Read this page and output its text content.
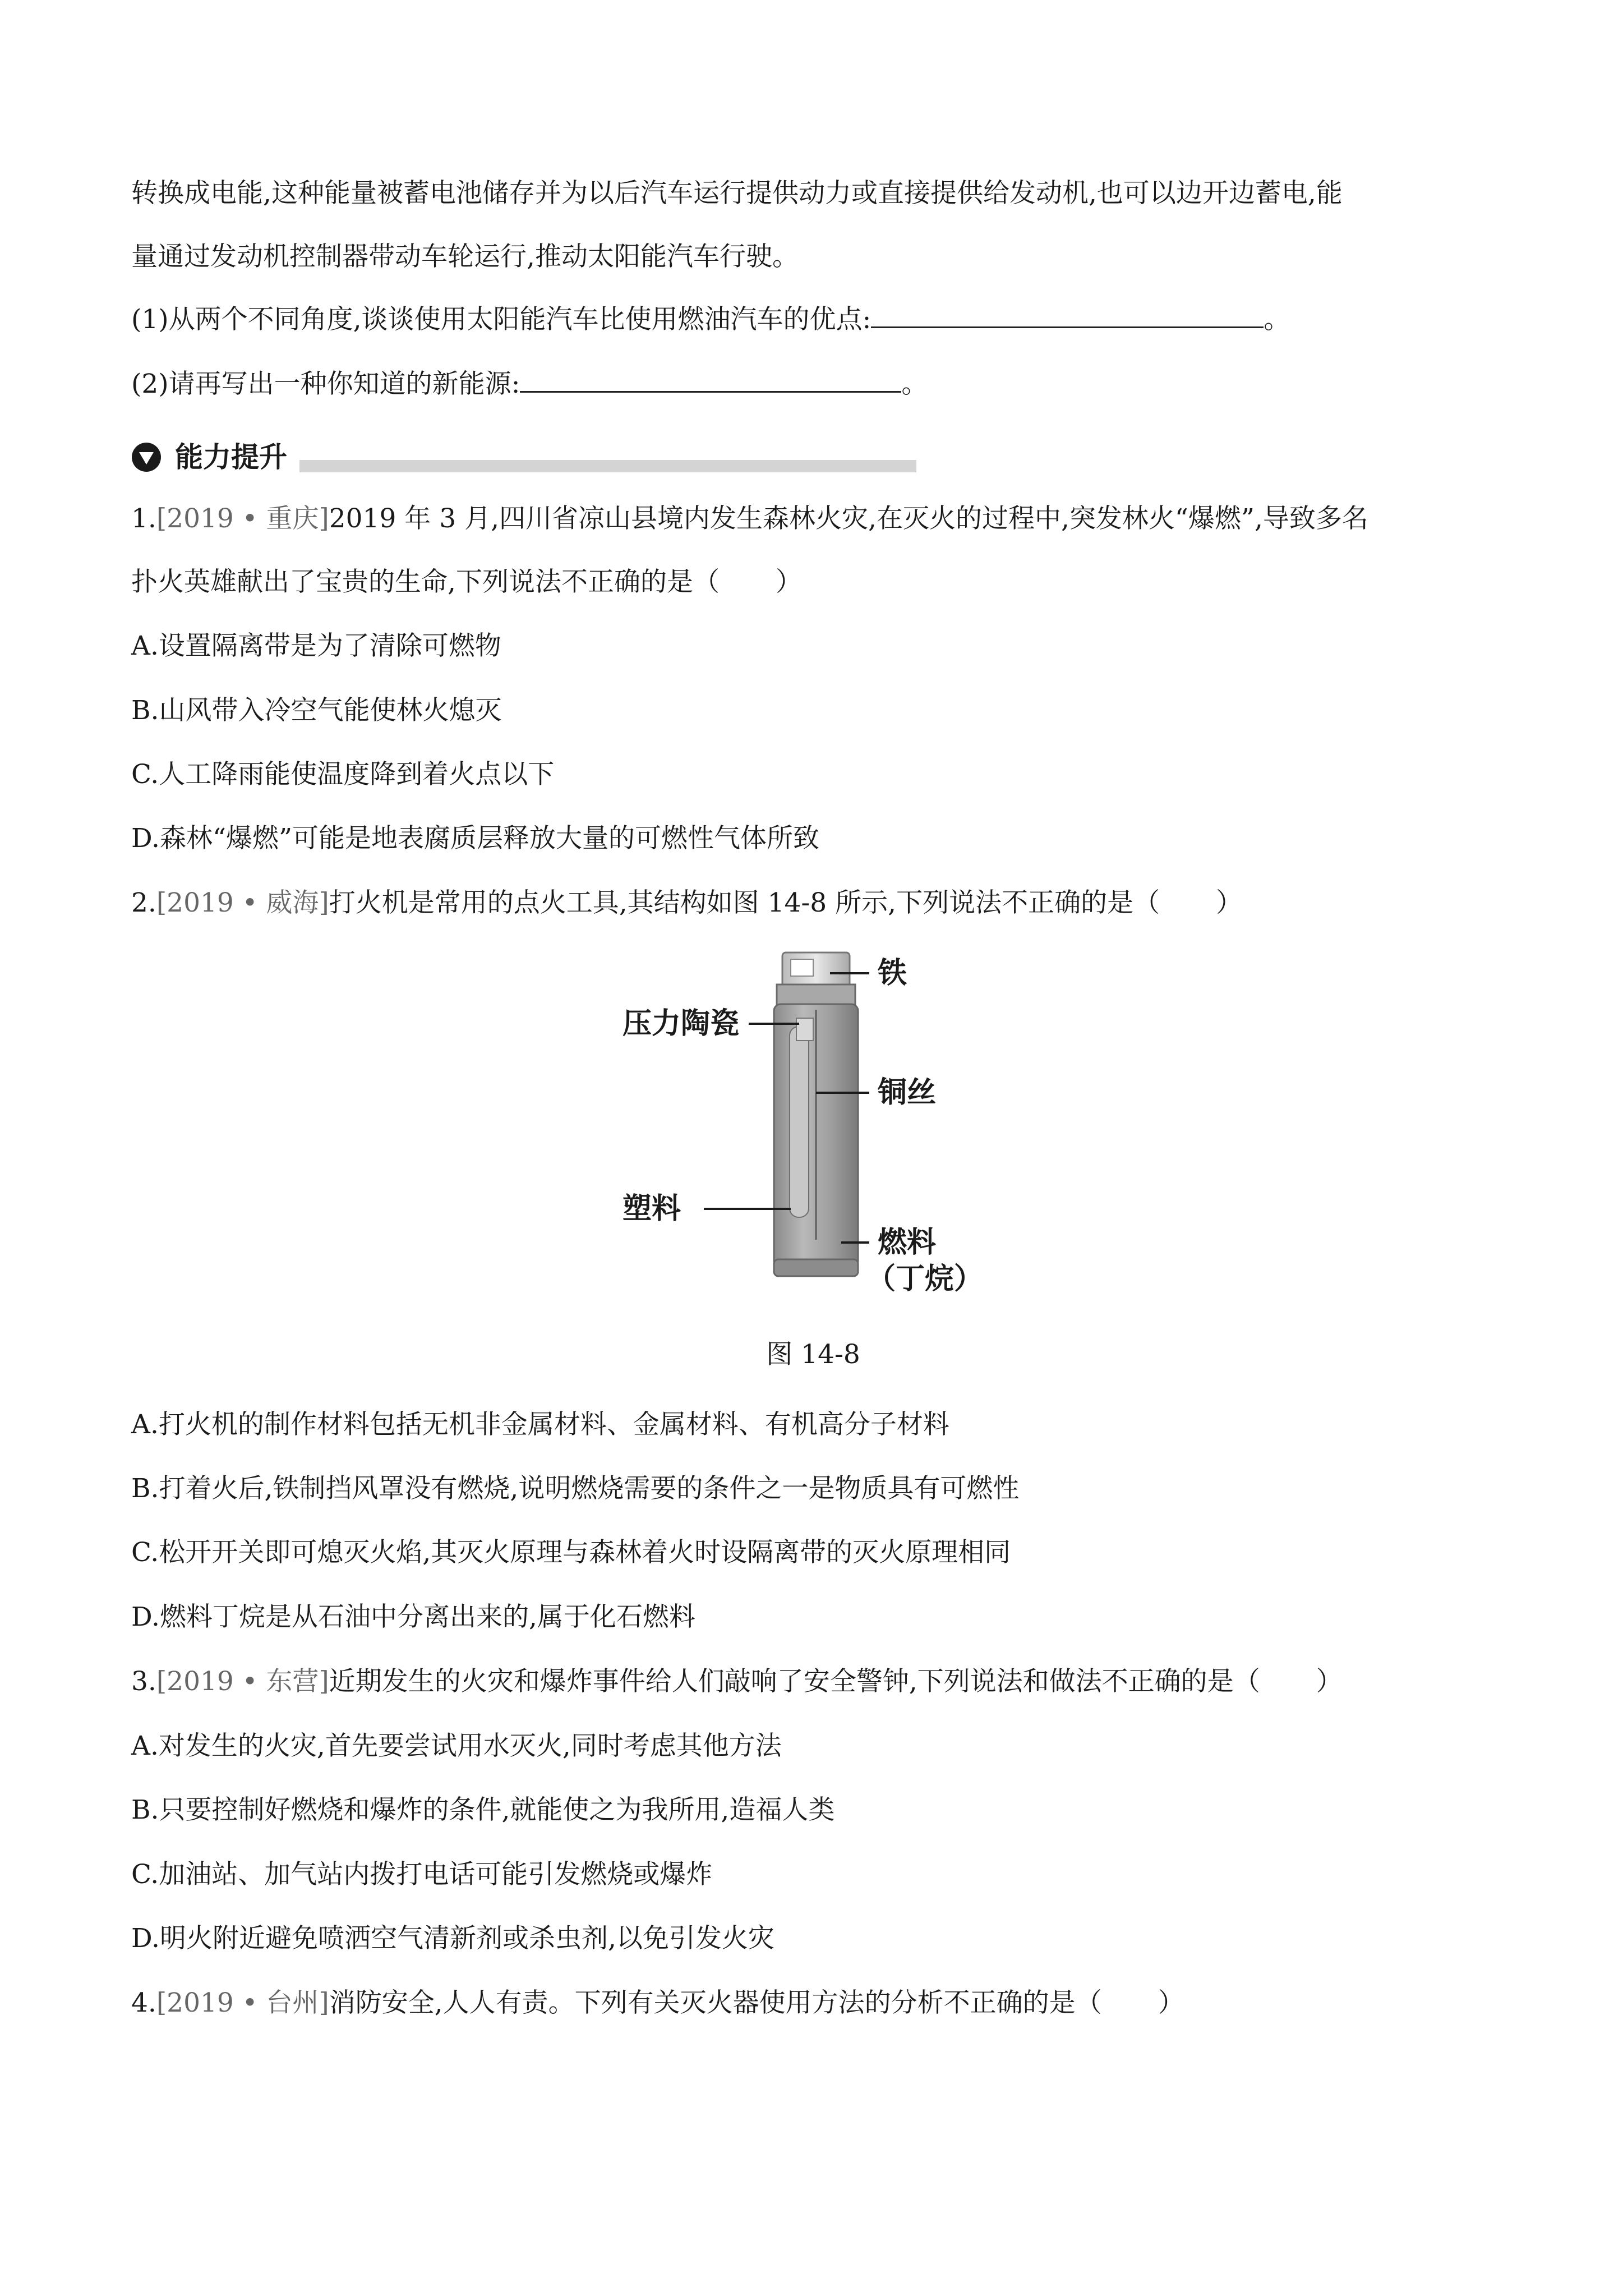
转换成电能,这种能量被蓄电池储存并为以后汽车运行提供动力或直接提供给发动机,也可以边开边蓄电,能
量通过发动机控制器带动车轮运行,推动太阳能汽车行驶。
(1)从两个不同角度,谈谈使用太阳能汽车比使用燃油汽车的优点:	。
(2)请再写出一种你知道的新能源:	。
能力提升
1.[2019 • 重庆]2019 年 3 月,四川省凉山县境内发生森林火灾,在灭火的过程中,突发林火“爆燃”,导致多名
扑火英雄献出了宝贵的生命,下列说法不正确的是（ ）
A.设置隔离带是为了清除可燃物
B.山风带入冷空气能使林火熄灭
C.人工降雨能使温度降到着火点以下
D.森林“爆燃”可能是地表腐质层释放大量的可燃性气体所致
2.[2019 • 威海]打火机是常用的点火工具,其结构如图 14-8 所示,下列说法不正确的是（ ）
铁
压力陶瓷
铜丝
塑料
燃料
（丁烷）
图 14-8
A.打火机的制作材料包括无机非金属材料、金属材料、有机高分子材料
B.打着火后,铁制挡风罩没有燃烧,说明燃烧需要的条件之一是物质具有可燃性
C.松开开关即可熄灭火焰,其灭火原理与森林着火时设隔离带的灭火原理相同
D.燃料丁烷是从石油中分离出来的,属于化石燃料
3.[2019 • 东营]近期发生的火灾和爆炸事件给人们敲响了安全警钟,下列说法和做法不正确的是（ ）
A.对发生的火灾,首先要尝试用水灭火,同时考虑其他方法
B.只要控制好燃烧和爆炸的条件,就能使之为我所用,造福人类
C.加油站、加气站内拨打电话可能引发燃烧或爆炸
D.明火附近避免喷洒空气清新剂或杀虫剂,以免引发火灾
4.[2019 • 台州]消防安全,人人有责。下列有关灭火器使用方法的分析不正确的是（ ）
